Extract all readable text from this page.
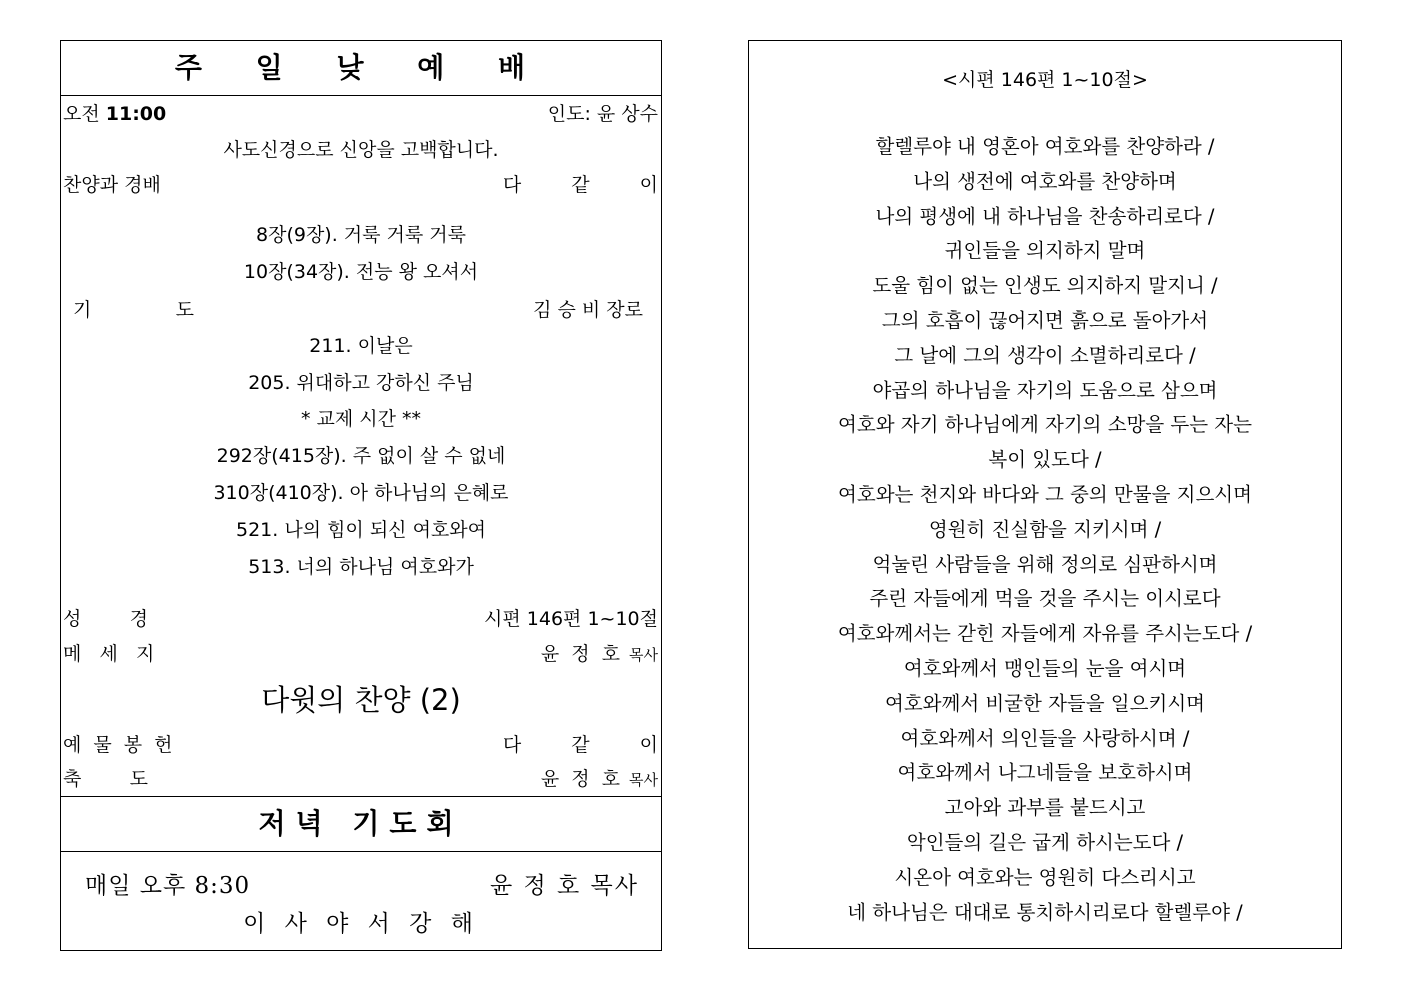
주 일 낮 예 배
오전 11:00	인도: 윤 상수
사도신경으로 신앙을 고백합니다.
찬양과 경배	다 같 이
8장(9장). 거룩 거룩 거룩
10장(34장). 전능 왕 오셔서
기        도	김 승 비 장로
211. 이날은
205. 위대하고 강하신 주님
* 교제 시간 **
292장(415장). 주 없이 살 수 없네
310장(410장). 아 하나님의 은혜로
521. 나의 힘이 되신 여호와여
513. 너의 하나님 여호와가
성        경	시편 146편 1~10절
메   세   지	윤 정 호 목사
다윗의 찬양 (2)
예 물 봉 헌	다 같 이
축        도	윤 정 호 목사
저녁 기도회
매일 오후 8:30	윤 정 호 목사
이 사 야 서 강 해
<시편 146편 1~10절>
할렐루야 내 영혼아 여호와를 찬양하라 /
나의 생전에 여호와를 찬양하며
나의 평생에 내 하나님을 찬송하리로다 /
귀인들을 의지하지 말며
도울 힘이 없는 인생도 의지하지 말지니 /
그의 호흡이 끊어지면 흙으로 돌아가서
그 날에 그의 생각이 소멸하리로다 /
야곱의 하나님을 자기의 도움으로 삼으며
여호와 자기 하나님에게 자기의 소망을 두는 자는
복이 있도다 /
여호와는 천지와 바다와 그 중의 만물을 지으시며
영원히 진실함을 지키시며 /
억눌린 사람들을 위해 정의로 심판하시며
주린 자들에게 먹을 것을 주시는 이시로다
여호와께서는 갇힌 자들에게 자유를 주시는도다 /
여호와께서 맹인들의 눈을 여시며
여호와께서 비굴한 자들을 일으키시며
여호와께서 의인들을 사랑하시며 /
여호와께서 나그네들을 보호하시며
고아와 과부를 붙드시고
악인들의 길은 굽게 하시는도다 /
시온아 여호와는 영원히 다스리시고
네 하나님은 대대로 통치하시리로다 할렐루야 /
